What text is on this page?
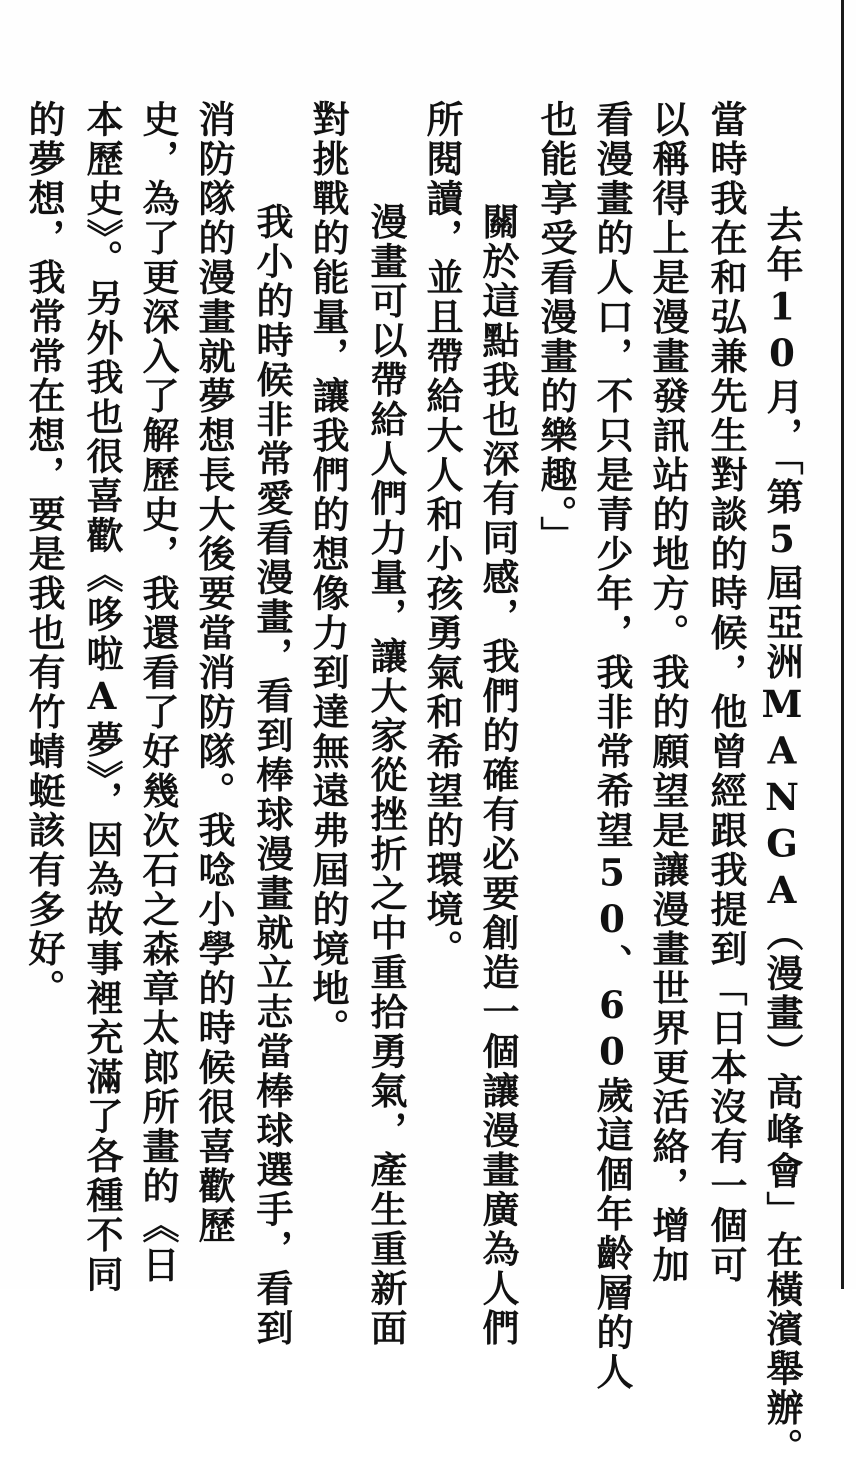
　去年10月，「第5屆亞洲MANGA（漫畫）高峰會」在橫濱舉辦。
當時我在和弘兼先生對談的時候，他曾經跟我提到「日本沒有一個可
以稱得上是漫畫發訊站的地方。我的願望是讓漫畫世界更活絡，增加
看漫畫的人口，不只是青少年，我非常希望50、60歲這個年齡層的人
也能享受看漫畫的樂趣。」
　關於這點我也深有同感，我們的確有必要創造一個讓漫畫廣為人們
所閱讀，並且帶給大人和小孩勇氣和希望的環境。
　漫畫可以帶給人們力量，讓大家從挫折之中重拾勇氣，產生重新面
對挑戰的能量，讓我們的想像力到達無遠弗屆的境地。
　我小的時候非常愛看漫畫，看到棒球漫畫就立志當棒球選手，看到
消防隊的漫畫就夢想長大後要當消防隊。我唸小學的時候很喜歡歷
史，為了更深入了解歷史，我還看了好幾次石之森章太郎所畫的《日
本歷史》。另外我也很喜歡《哆啦A夢》，因為故事裡充滿了各種不同
的夢想，我常常在想，要是我也有竹蜻蜓該有多好。
